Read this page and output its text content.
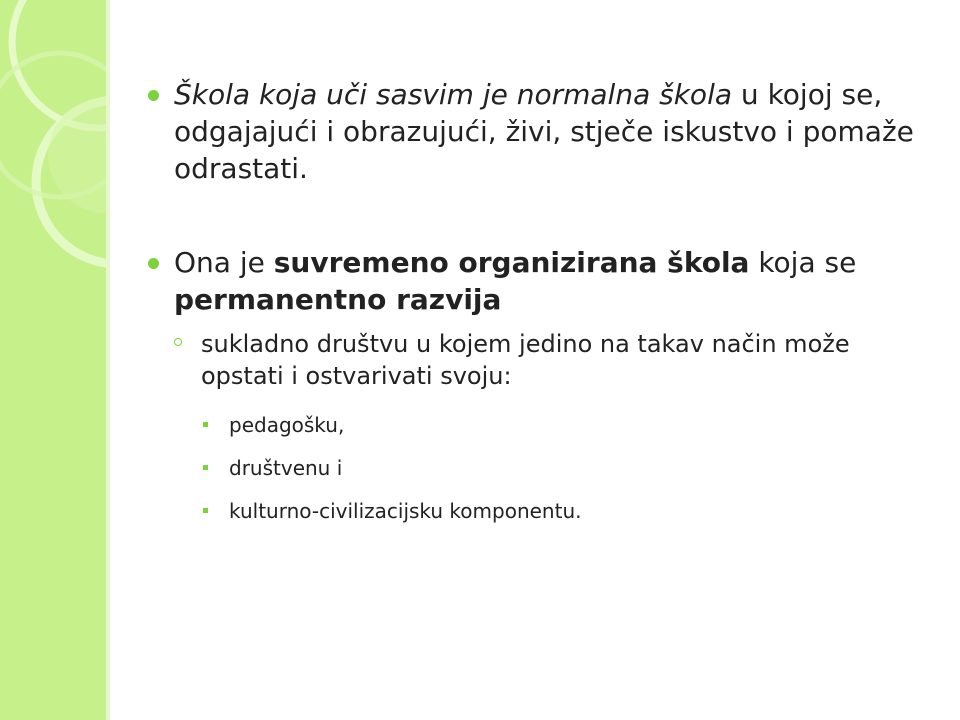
Škola koja uči sasvim je normalna škola u kojoj se, odgajajući i obrazujući, živi, stječe iskustvo i pomaže odrastati.
Ona je suvremeno organizirana škola koja se permanentno razvija
sukladno društvu u kojem jedino na takav način može opstati i ostvarivati svoju:
pedagošku,
društvenu i
kulturno-civilizacijsku komponentu.
